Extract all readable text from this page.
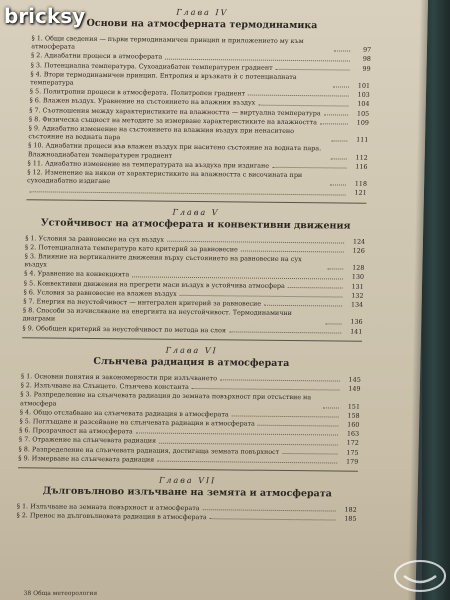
Глава IV
Основи на атмосферната термодинамика
§ 1. Общи сведения — първи термодинамичен принцип и приложението му към атмосферата	97
§ 2. Адиабатни процеси в атмосферата	98
§ 3. Потенциална температура. Сухоадиабатен температурен градиент	99
§ 4. Втори термодинамичен принцип. Ентропия и връзката ѝ с потенциалната температура	101
§ 5. Политропни процеси в атмосферата. Политропен градиент	103
§ 6. Влажен въздух. Уравнение на състоянието на влажния въздух	104
§ 7. Съотношения между характеристиките на влажността — виртуална температура	105
§ 8. Физическа същност на методите за измерване характеристиките на влажността	109
§ 9. Адиабатно изменение на състоянието на влажния въздух при ненаситено състояние на водната пара	111
§ 10. Адиабатни процеси във влажен въздух при наситено състояние на водната пара. Влажноадиабатен температурен градиент	112
§ 11. Адиабатно изменение на температурата на въздуха при издигане	116
§ 12. Изменение на някои от характеристиките на влажността с височината при сухоадиабатно издигане	118
121
Глава V
Устойчивост на атмосферата и конвективни движения
§ 1. Условия за равновесие на сух въздух	124
§ 2. Потенциалната температура като критерий за равновесие	126
§ 3. Влияние на вертикалните движения върху състоянието на равновесие на сух въздух	128
§ 4. Уравнение на конвекцията	130
§ 5. Конвективни движения на прегрети маси въздух в устойчива атмосфера	131
§ 6. Условия за равновесие на влажен въздух	132
§ 7. Енергия на неустойчивост — интегрален критерий за равновесие	134
§ 8. Способи за изчисляване на енергията на неустойчивост. Термодинамични диаграми	136
§ 9. Обобщен критерий за неустойчивост по метода на слоя	141
Глава VI
Слънчева радиация в атмосферата
§ 1. Основни понятия и закономерности при излъчването	145
§ 2. Излъчване на Слънцето. Слънчева константа	149
§ 3. Разпределение на слънчевата радиация до земната повърхност при отсъствие на атмосфера	151
§ 4. Общо отслабване на слънчевата радиация в атмосферата	158
§ 5. Поглъщане и разсейване на слънчевата радиация в атмосферата	160
§ 6. Прозрачност на атмосферата	163
§ 7. Отражение на слънчевата радиация	172
§ 8. Разпределение на слънчевата радиация, достигаща земната повърхност	175
§ 9. Измерване на слънчевата радиация	179
Глава VII
Дълговълново излъчване на земята и атмосферата
§ 1. Излъчване на земната повърхност и атмосферата	182
§ 2. Пренос на дълговълновата радиация в атмосферата	185
38 Обща метеорология
bricksy
